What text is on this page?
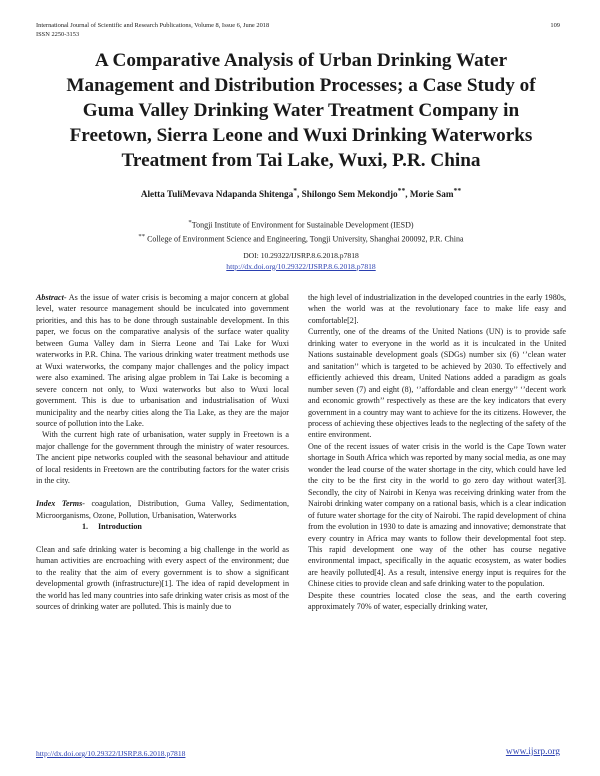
International Journal of Scientific and Research Publications, Volume 8, Issue 6, June 2018
ISSN 2250-3153
109
A Comparative Analysis of Urban Drinking Water Management and Distribution Processes; a Case Study of Guma Valley Drinking Water Treatment Company in Freetown, Sierra Leone and Wuxi Drinking Waterworks Treatment from Tai Lake, Wuxi, P.R. China
Aletta TuliMevava Ndapanda Shitenga*, Shilongo Sem Mekondjo**, Morie Sam**
*Tongji Institute of Environment for Sustainable Development (IESD)
** College of Environment Science and Engineering, Tongji University, Shanghai 200092, P.R. China
DOI: 10.29322/IJSRP.8.6.2018.p7818
http://dx.doi.org/10.29322/IJSRP.8.6.2018.p7818

Abstract- As the issue of water crisis is becoming a major concern at global level, water resource management should be inculcated into government priorities, and this has to be done through sustainable development. In this paper, we focus on the comparative analysis of the surface water quality between Guma Valley dam in Sierra Leone and Tai Lake for Wuxi waterworks in P.R. China. The various drinking water treatment methods use at Wuxi waterworks, the company major challenges and the policy impact were also examined. The arising algae problem in Tai Lake is becoming a severe concern not only, to Wuxi waterworks but also to Wuxi local government. This is due to urbanisation and industrialisation of Wuxi municipality and the nearby cities along the Tia Lake, as they are the major source of pollution into the Lake.

With the current high rate of urbanisation, water supply in Freetown is a major challenge for the government through the ministry of water resources. The ancient pipe networks coupled with the seasonal behaviour and attitude of local residents in Freetown are the contributing factors for the water crisis in the city.

Index Terms- coagulation, Distribution, Guma Valley, Sedimentation, Microorganisms, Ozone, Pollution, Urbanisation, Waterworks

1. Introduction

Clean and safe drinking water is becoming a big challenge in the world as human activities are encroaching with every aspect of the environment; due to the reality that the aim of every government is to show a significant developmental growth (infrastructure)[1]. The idea of rapid development in the world has led many countries into safe drinking water crisis as most of the sources of drinking water are polluted. This is mainly due to

the high level of industrialization in the developed countries in the early 1980s, when the world was at the revolutionary face to make life easy and comfortable[2].

Currently, one of the dreams of the United Nations (UN) is to provide safe drinking water to everyone in the world as it is inculcated in the United Nations sustainable development goals (SDGs) number six (6) ‘’clean water and sanitation’’ which is targeted to be achieved by 2030. To effectively and efficiently achieved this dream, United Nations added a paradigm as goals number seven (7) and eight (8), ‘’affordable and clean energy’’ ‘’decent work and economic growth’’ respectively as these are the key indicators that every government in a country may want to achieve for the its citizens. However, the process of achieving these objectives leads to the neglecting of the safety of the entire environment.

One of the recent issues of water crisis in the world is the Cape Town water shortage in South Africa which was reported by many social media, as one may wonder the lead course of the water shortage in the city, which could have led the city to be the first city in the world to go zero day without water[3]. Secondly, the city of Nairobi in Kenya was receiving drinking water from the Nairobi drinking water company on a rational basis, which is a clear indication of future water shortage for the city of Nairobi. The rapid development of china from the evolution in 1930 to date is amazing and innovative; demonstrate that every country in Africa may wants to follow their developmental foot step. This rapid development one way of the other has course negative environmental impact, specifically in the aquatic ecosystem, as water bodies are heavily polluted[4]. As a result, intensive energy input is requires for the Chinese cities to provide clean and safe drinking water to the population.

Despite these countries located close the seas, and the earth covering approximately 70% of water, especially drinking water,

http://dx.doi.org/10.29322/IJSRP.8.6.2018.p7818	www.ijsrp.org
